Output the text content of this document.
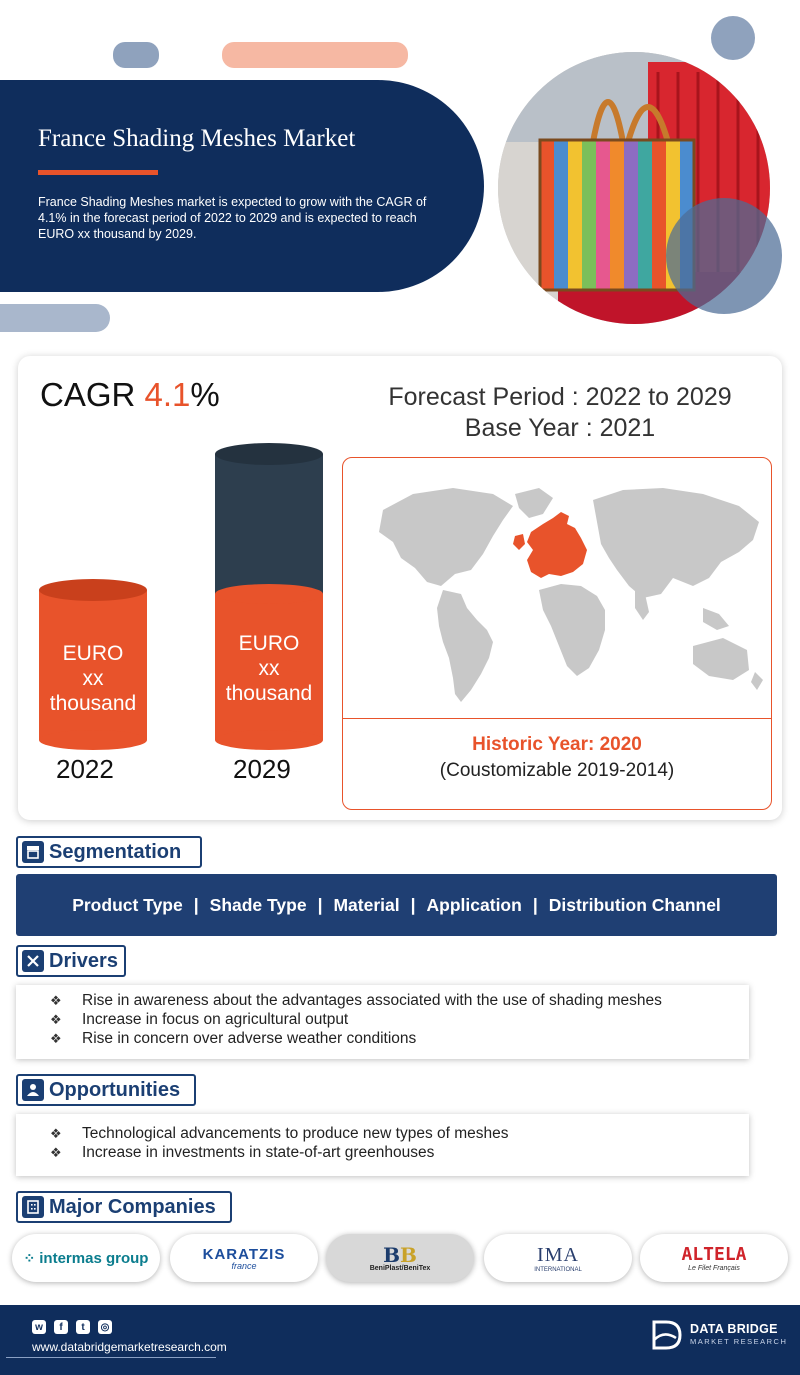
France Shading Meshes Market
France Shading Meshes market is expected to grow with the CAGR of 4.1% in the forecast period of 2022 to 2029 and is expected to reach EURO xx thousand by 2029.
CAGR 4.1%	Forecast Period : 2022 to 2029
Base Year : 2021
EURO
xx
thousand
EURO
xx
thousand
2022	2029
Historic Year: 2020
(Coustomizable 2019-2014)
Segmentation
Product Type | Shade Type | Material | Application | Distribution Channel
Drivers
❖ Rise in awareness about the advantages associated with the use of shading meshes
❖ Increase in focus on agricultural output
❖ Rise in concern over adverse weather conditions
Opportunities
❖ Technological advancements to produce new types of meshes
❖ Increase in investments in state-of-art greenhouses
Major Companies
⁘ intermas group	KARATZIS
france	BB
BeniPlast/BeniTex
IMA
INTERNATIONAL
ALTELA
Le Filet Français
w	f	t	◎
www.databridgemarketresearch.com
DATA BRIDGE
MARKET RESEARCH
